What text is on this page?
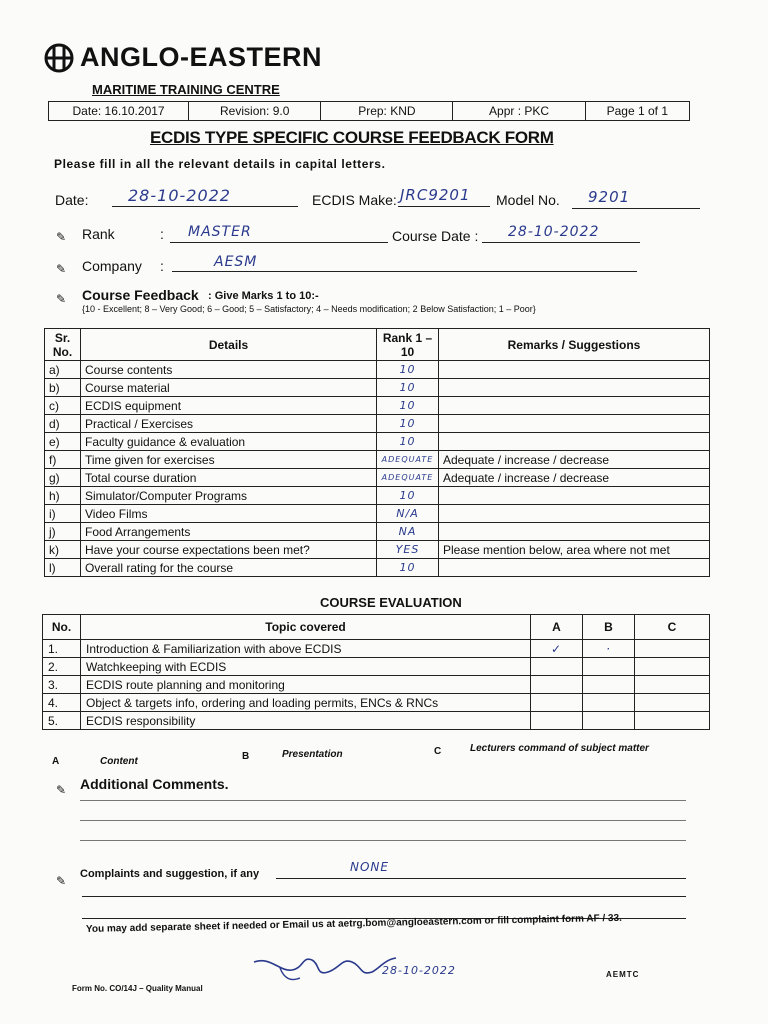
ANGLO-EASTERN
MARITIME TRAINING CENTRE
Date: 16.10.2017	Revision: 9.0	Prep: KND	Appr : PKC	Page 1 of 1
ECDIS TYPE SPECIFIC COURSE FEEDBACK FORM
Please fill in all the relevant details in capital letters.
Date: 28-10-2022	ECDIS Make: JRC9201 Model No. 9201
✎ Rank	: MASTER	Course Date : 28-10-2022
✎ Company :	AESM
✎ Course Feedback : Give Marks 1 to 10:-
{10 - Excellent; 8 – Very Good; 6 – Good; 5 – Satisfactory; 4 – Needs modification; 2 Below Satisfaction; 1 – Poor}
Sr. No.	Details	Rank 1 – 10	Remarks / Suggestions
a)	Course contents	10	
b)	Course material	10	
c)	ECDIS equipment	10	
d)	Practical / Exercises	10	
e)	Faculty guidance & evaluation	10	
f)	Time given for exercises	ADEQUATE	Adequate / increase / decrease
g)	Total course duration	ADEQUATE	Adequate / increase / decrease
h)	Simulator/Computer Programs	10	
i)	Video Films	N/A	
j)	Food Arrangements	NA	
k)	Have your course expectations been met?	YES	Please mention below, area where not met
l)	Overall rating for the course	10	
COURSE EVALUATION
No.	Topic covered	A	B	C
1.	Introduction & Familiarization with above ECDIS	✓	·	
2.	Watchkeeping with ECDIS			
3.	ECDIS route planning and monitoring			
4.	Object & targets info, ordering and loading permits, ENCs & RNCs			
5.	ECDIS responsibility			
A	Content	B	Presentation	C	Lecturers command of subject matter
✎ Additional Comments.
✎ Complaints and suggestion, if any	NONE
You may add separate sheet if needed or Email us at aetrg.bom@angloeastern.com or fill complaint form AF / 33.
28-10-2022
Form No. CO/14J – Quality Manual
AEMTC
